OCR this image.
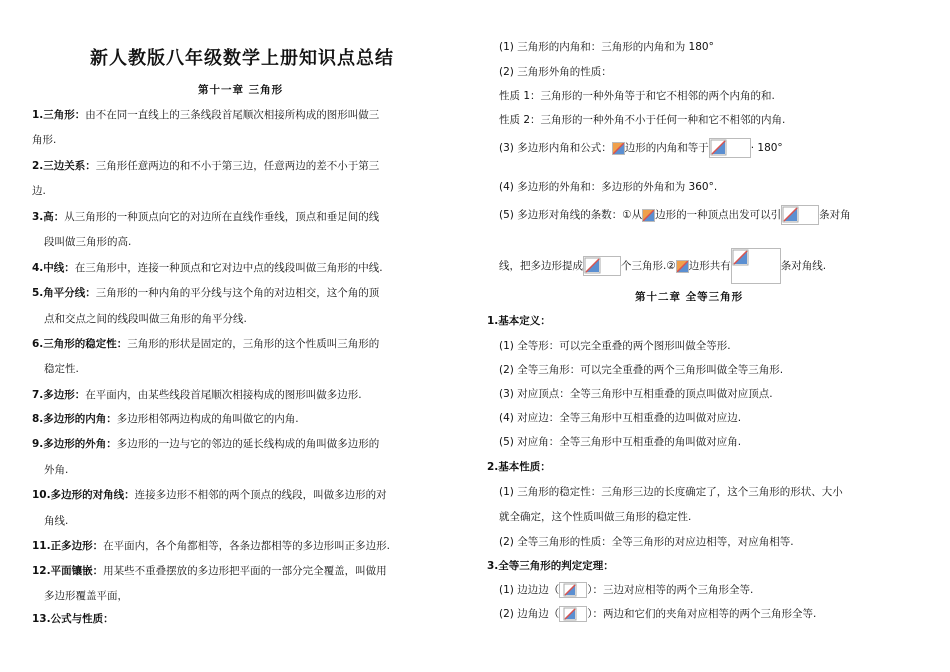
新人教版八年级数学上册知识点总结
第十一章 三角形
1.三角形：由不在同一直线上的三条线段首尾顺次相接所构成的图形叫做三
角形.
2.三边关系：三角形任意两边的和不小于第三边，任意两边的差不小于第三
边.
3.高：从三角形的一种顶点向它的对边所在直线作垂线，顶点和垂足间的线
段叫做三角形的高.
4.中线：在三角形中，连接一种顶点和它对边中点的线段叫做三角形的中线.
5.角平分线：三角形的一种内角的平分线与这个角的对边相交，这个角的顶
点和交点之间的线段叫做三角形的角平分线.
6.三角形的稳定性：三角形的形状是固定的，三角形的这个性质叫三角形的
稳定性.
7.多边形：在平面内，由某些线段首尾顺次相接构成的图形叫做多边形.
8.多边形的内角：多边形相邻两边构成的角叫做它的内角.
9.多边形的外角：多边形的一边与它的邻边的延长线构成的角叫做多边形的
外角.
10.多边形的对角线：连接多边形不相邻的两个顶点的线段，叫做多边形的对
角线.
11.正多边形：在平面内，各个角都相等，各条边都相等的多边形叫正多边形.
12.平面镶嵌：用某些不重叠摆放的多边形把平面的一部分完全覆盖，叫做用
多边形覆盖平面，
13.公式与性质：
(1) 三角形的内角和：三角形的内角和为 180°
(2) 三角形外角的性质：
性质 1：三角形的一种外角等于和它不相邻的两个内角的和.
性质 2：三角形的一种外角不小于任何一种和它不相邻的内角.
(3) 多边形内角和公式： 边形的内角和等于	· 180°
(4) 多边形的外角和：多边形的外角和为 360°.
(5) 多边形对角线的条数：①从 边形的一种顶点出发可以引	条对角
线，把多边形提成	个三角形.② 边形共有	条对角线.
第十二章 全等三角形
1.基本定义：
(1) 全等形：可以完全重叠的两个图形叫做全等形.
(2) 全等三角形：可以完全重叠的两个三角形叫做全等三角形.
(3) 对应顶点：全等三角形中互相重叠的顶点叫做对应顶点.
(4) 对应边：全等三角形中互相重叠的边叫做对应边.
(5) 对应角：全等三角形中互相重叠的角叫做对应角.
2.基本性质：
(1) 三角形的稳定性：三角形三边的长度确定了，这个三角形的形状、大小
就全确定，这个性质叫做三角形的稳定性.
(2) 全等三角形的性质：全等三角形的对应边相等，对应角相等.
3.全等三角形的判定定理：
(1) 边边边（	）：三边对应相等的两个三角形全等.
(2) 边角边（	）：两边和它们的夹角对应相等的两个三角形全等.
